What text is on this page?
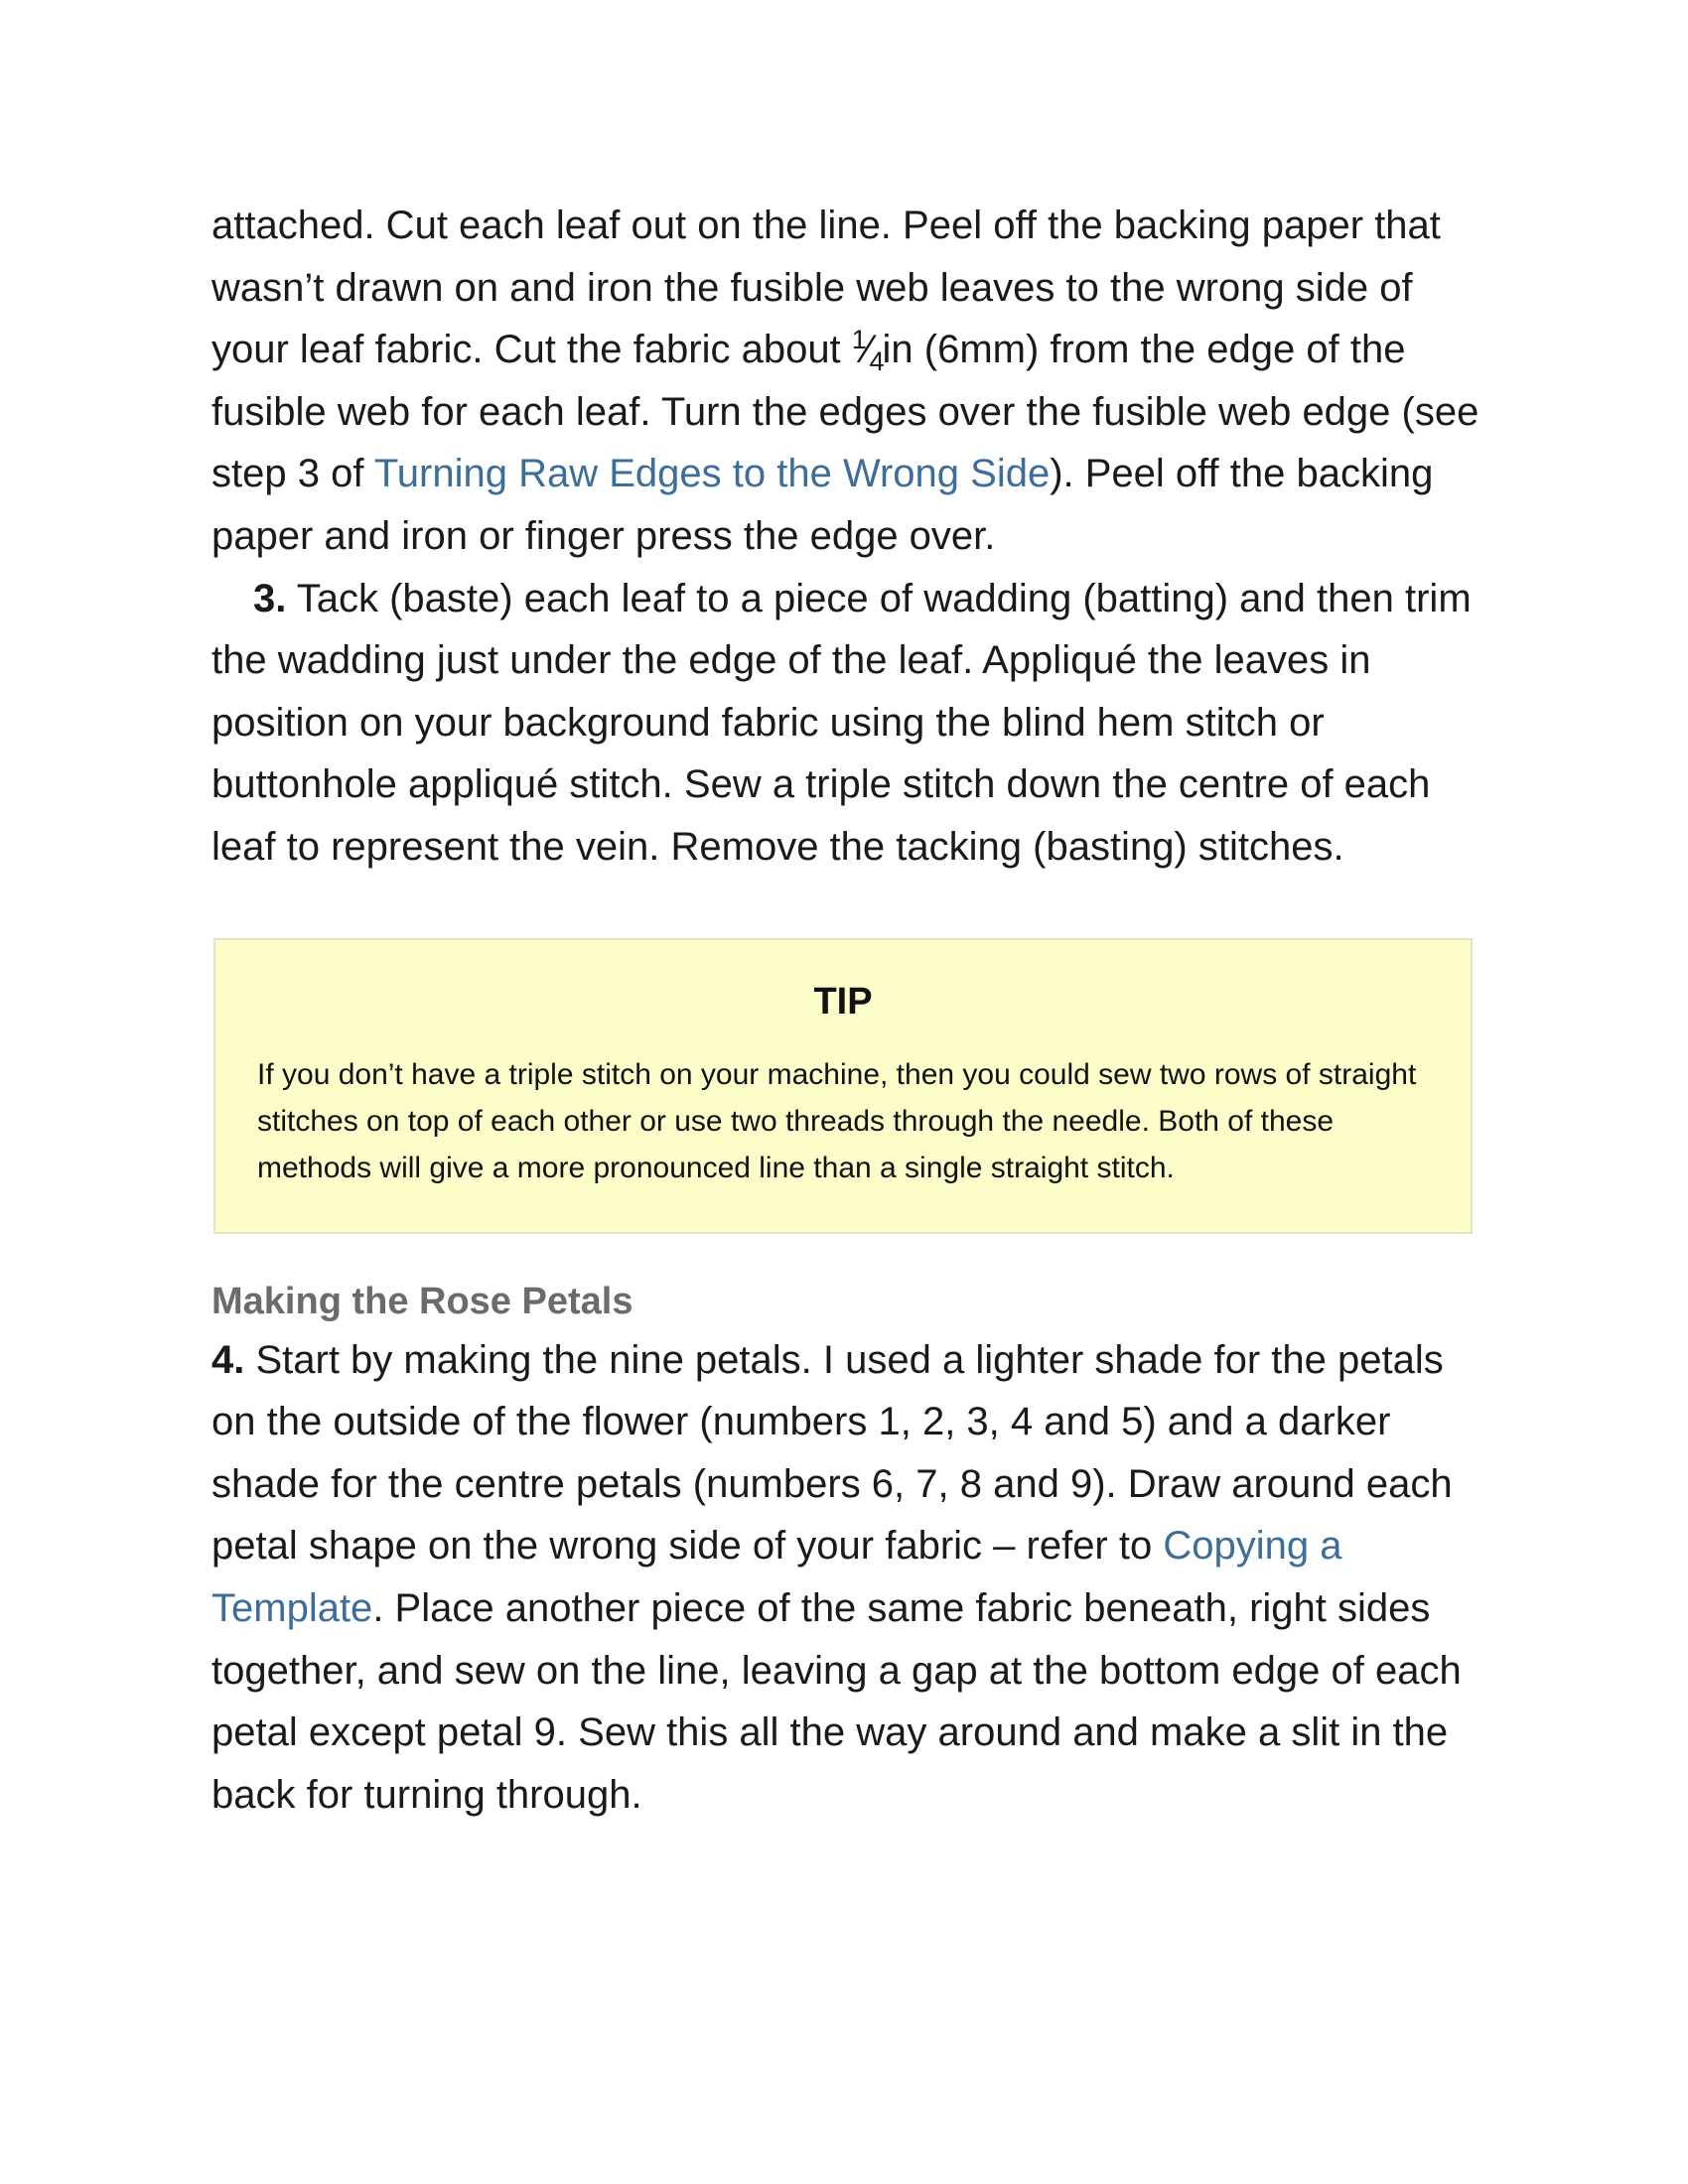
attached. Cut each leaf out on the line. Peel off the backing paper that wasn’t drawn on and iron the fusible web leaves to the wrong side of your leaf fabric. Cut the fabric about $^1⁄_4in$ (6mm) from the edge of the fusible web for each leaf. Turn the edges over the fusible web edge (see step 3 of Turning Raw Edges to the Wrong Side). Peel off the backing paper and iron or finger press the edge over.

3. Tack (baste) each leaf to a piece of wadding (batting) and then trim the wadding just under the edge of the leaf. Appliqué the leaves in position on your background fabric using the blind hem stitch or buttonhole appliqué stitch. Sew a triple stitch down the centre of each leaf to represent the vein. Remove the tacking (basting) stitches.

TIP

If you don’t have a triple stitch on your machine, then you could sew two rows of straight stitches on top of each other or use two threads through the needle. Both of these methods will give a more pronounced line than a single straight stitch.

Making the Rose Petals

4. Start by making the nine petals. I used a lighter shade for the petals on the outside of the flower (numbers 1, 2, 3, 4 and 5) and a darker shade for the centre petals (numbers 6, 7, 8 and 9). Draw around each petal shape on the wrong side of your fabric – refer to Copying a Template. Place another piece of the same fabric beneath, right sides together, and sew on the line, leaving a gap at the bottom edge of each petal except petal 9. Sew this all the way around and make a slit in the back for turning through.
